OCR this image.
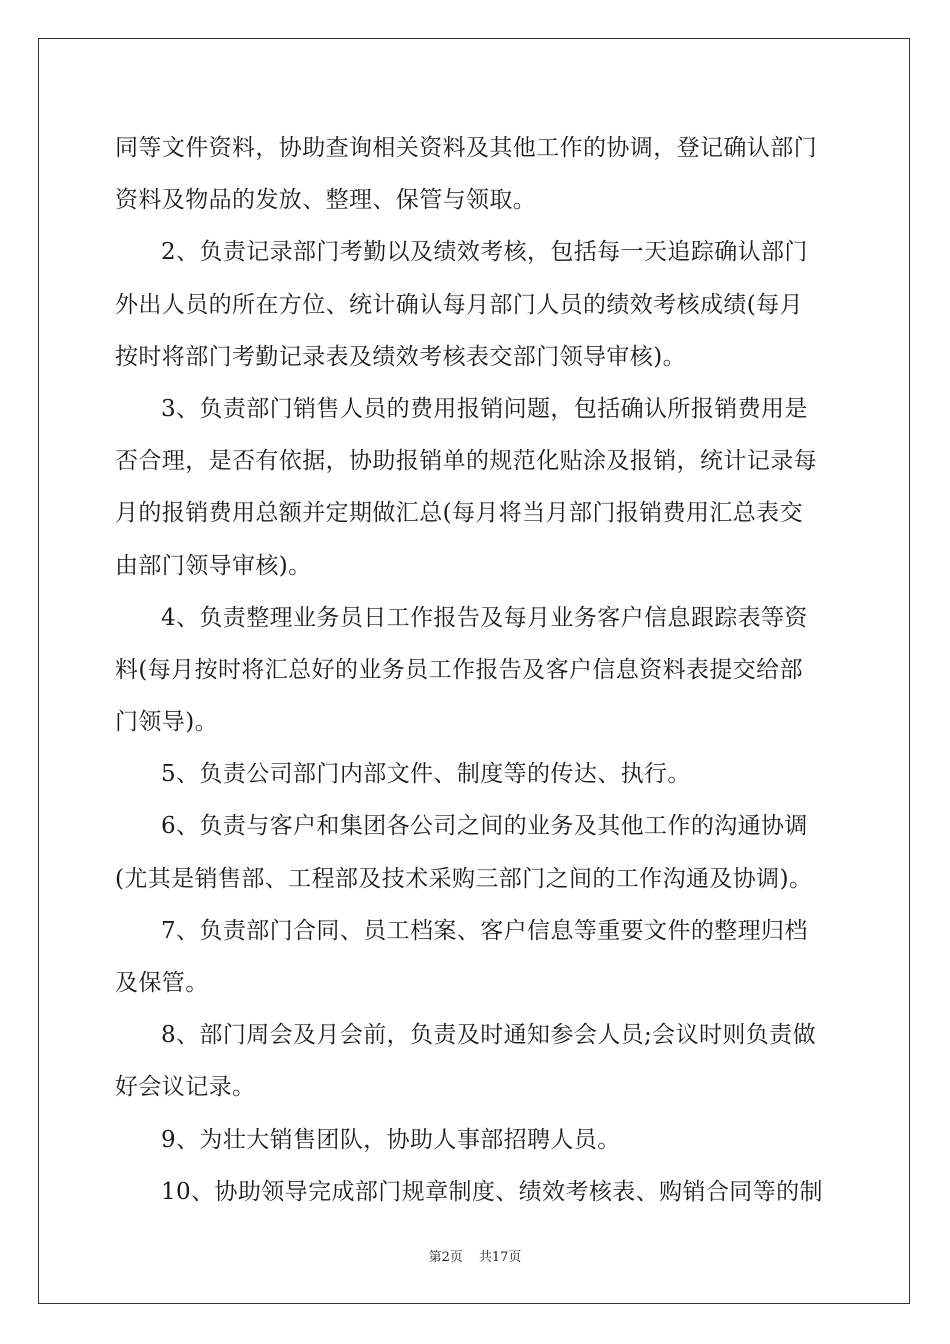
同等文件资料，协助查询相关资料及其他工作的协调，登记确认部门
资料及物品的发放、整理、保管与领取。
2、负责记录部门考勤以及绩效考核，包括每一天追踪确认部门
外出人员的所在方位、统计确认每月部门人员的绩效考核成绩(每月
按时将部门考勤记录表及绩效考核表交部门领导审核)。
3、负责部门销售人员的费用报销问题，包括确认所报销费用是
否合理，是否有依据，协助报销单的规范化贴涂及报销，统计记录每
月的报销费用总额并定期做汇总(每月将当月部门报销费用汇总表交
由部门领导审核)。
4、负责整理业务员日工作报告及每月业务客户信息跟踪表等资
料(每月按时将汇总好的业务员工作报告及客户信息资料表提交给部
门领导)。
5、负责公司部门内部文件、制度等的传达、执行。
6、负责与客户和集团各公司之间的业务及其他工作的沟通协调
(尤其是销售部、工程部及技术采购三部门之间的工作沟通及协调)。
7、负责部门合同、员工档案、客户信息等重要文件的整理归档
及保管。
8、部门周会及月会前，负责及时通知参会人员;会议时则负责做
好会议记录。
9、为壮大销售团队，协助人事部招聘人员。
10、协助领导完成部门规章制度、绩效考核表、购销合同等的制
第2页 共17页
